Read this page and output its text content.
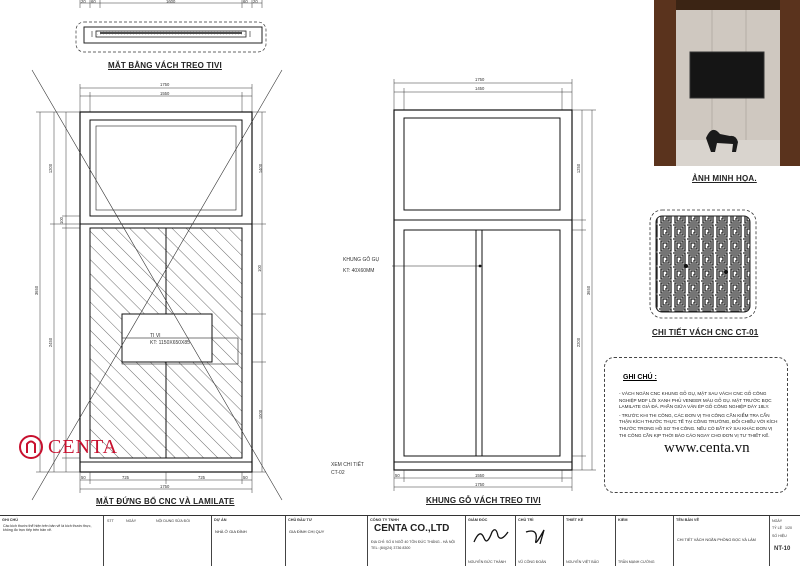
MẶT BẰNG VÁCH TREO TIVI
MẶT ĐỨNG BỔ CNC VÀ LAMILATE	KHUNG GỖ VÁCH TREO TIVI
ẢNH MINH HỌA.
CHI TIẾT VÁCH CNC CT-01
20 60	1600	60 20
1750
1550
50	725	725	50
1750
3650
1200
2450
100
1400
100
1000
1750
1450
50	1550
1750
3650
2200
1250
KHUNG GỖ GỤ
KT: 40X60MM
TI VI
KT: 1150X650X85
XEM CHI TIẾT
CT-02
GHI CHÚ :

- VÁCH NGĂN CNC KHUNG GỖ GỤ, MẶT SAU VÁCH CNC GỖ CÔNG NGHIỆP MDF LÕI XANH PHỦ VENEER MÀU GỖ GỤ. MẶT TRƯỚC BỌC LAMILATE GIẢ ĐÁ. PHẦN GIỮA VÁN ÉP GỖ CÔNG NGHIỆP DÀY 18LY.

- TRƯỚC KHI THI CÔNG, CÁC ĐƠN VỊ THI CÔNG CẦN KIỂM TRA CẨN THẬN KÍCH THƯỚC THỰC TẾ TẠI CÔNG TRƯỜNG, ĐỐI CHIẾU VỚI KÍCH THƯỚC TRONG HỒ SƠ THI CÔNG. NẾU CÓ BẤT KỲ SAI KHÁC ĐƠN VỊ THI CÔNG CẦN KỊP THỜI BÁO CÁO NGAY CHO ĐƠN VỊ TƯ THIẾT KẾ.

CENTA	www.centa.vn
GHI CHÚ
Các kích thước thể hiện trên bản vẽ là kích thước thực, không đo trực tiếp trên bản vẽ.
STT	NGÀY	NỘI DUNG SỬA ĐỔI	DỰ ÁN
NHÀ Ở GIA ĐÌNH
CHỦ ĐẦU TƯ
GIA ĐÌNH CHỊ QUY
CÔNG TY TNHH
CENTA CO.,LTD
ĐỊA CHỈ: SỐ 6 NGÕ 40 TÔN ĐỨC THẮNG - HÀ NỘI
TEL: (84)(24) 3736 8300
GIÁM ĐỐC
NGUYỄN ĐỨC THÀNH
CHỦ TRÌ
VŨ CÔNG ĐOÀN
THIẾT KẾ
NGUYỄN VIỆT BẢO
KIỂM
TRẦN MẠNH CƯỜNG
TÊN BẢN VẼ
CHI TIẾT VÁCH NGĂN PHÒNG ĐỌC VÀ LÀM
NGÀY
TỶ LỆ 1/20
SỐ HIỆU
NT-10
